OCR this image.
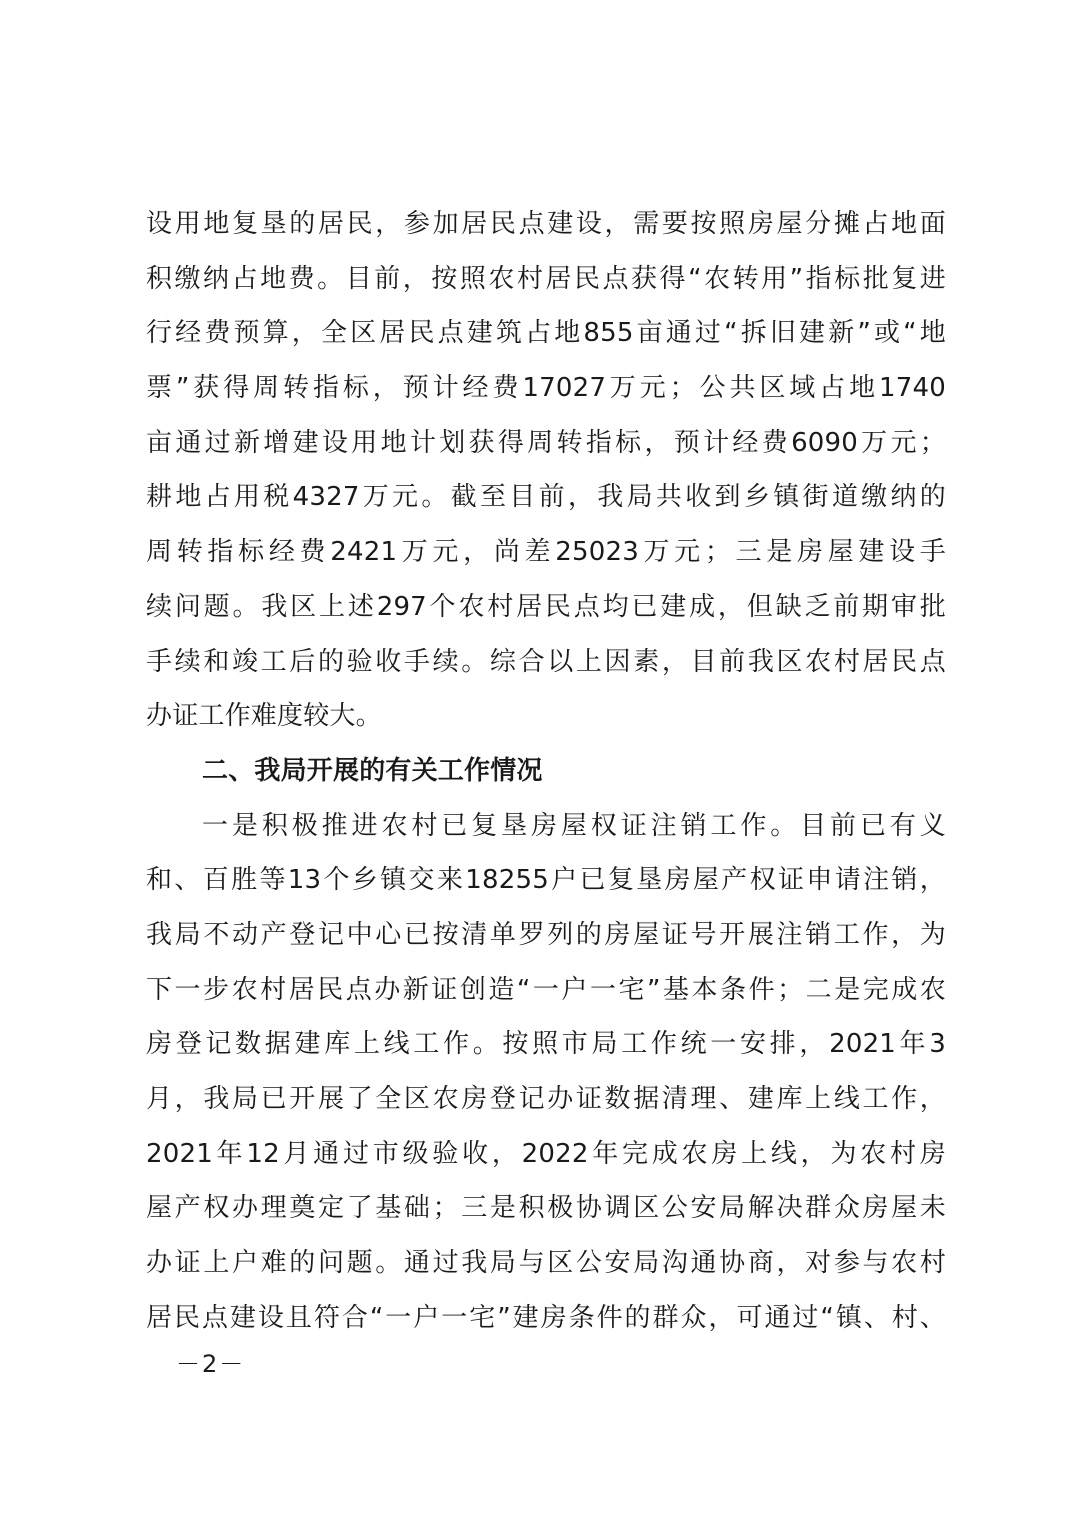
设用地复垦的居民，参加居民点建设，需要按照房屋分摊占地面
积缴纳占地费。目前，按照农村居民点获得“农转用”指标批复进
行经费预算，全区居民点建筑占地855亩通过“拆旧建新”或“地
票”获得周转指标，预计经费17027万元；公共区域占地1740
亩通过新增建设用地计划获得周转指标，预计经费6090万元；
耕地占用税4327万元。截至目前，我局共收到乡镇街道缴纳的
周转指标经费2421万元，尚差25023万元；三是房屋建设手
续问题。我区上述297个农村居民点均已建成，但缺乏前期审批
手续和竣工后的验收手续。综合以上因素，目前我区农村居民点
办证工作难度较大。
二、我局开展的有关工作情况
一是积极推进农村已复垦房屋权证注销工作。目前已有义
和、百胜等13个乡镇交来18255户已复垦房屋产权证申请注销，
我局不动产登记中心已按清单罗列的房屋证号开展注销工作，为
下一步农村居民点办新证创造“一户一宅”基本条件；二是完成农
房登记数据建库上线工作。按照市局工作统一安排，2021年3
月，我局已开展了全区农房登记办证数据清理、建库上线工作，
2021年12月通过市级验收，2022年完成农房上线，为农村房
屋产权办理奠定了基础；三是积极协调区公安局解决群众房屋未
办证上户难的问题。通过我局与区公安局沟通协商，对参与农村
居民点建设且符合“一户一宅”建房条件的群众，可通过“镇、村、
－2－
